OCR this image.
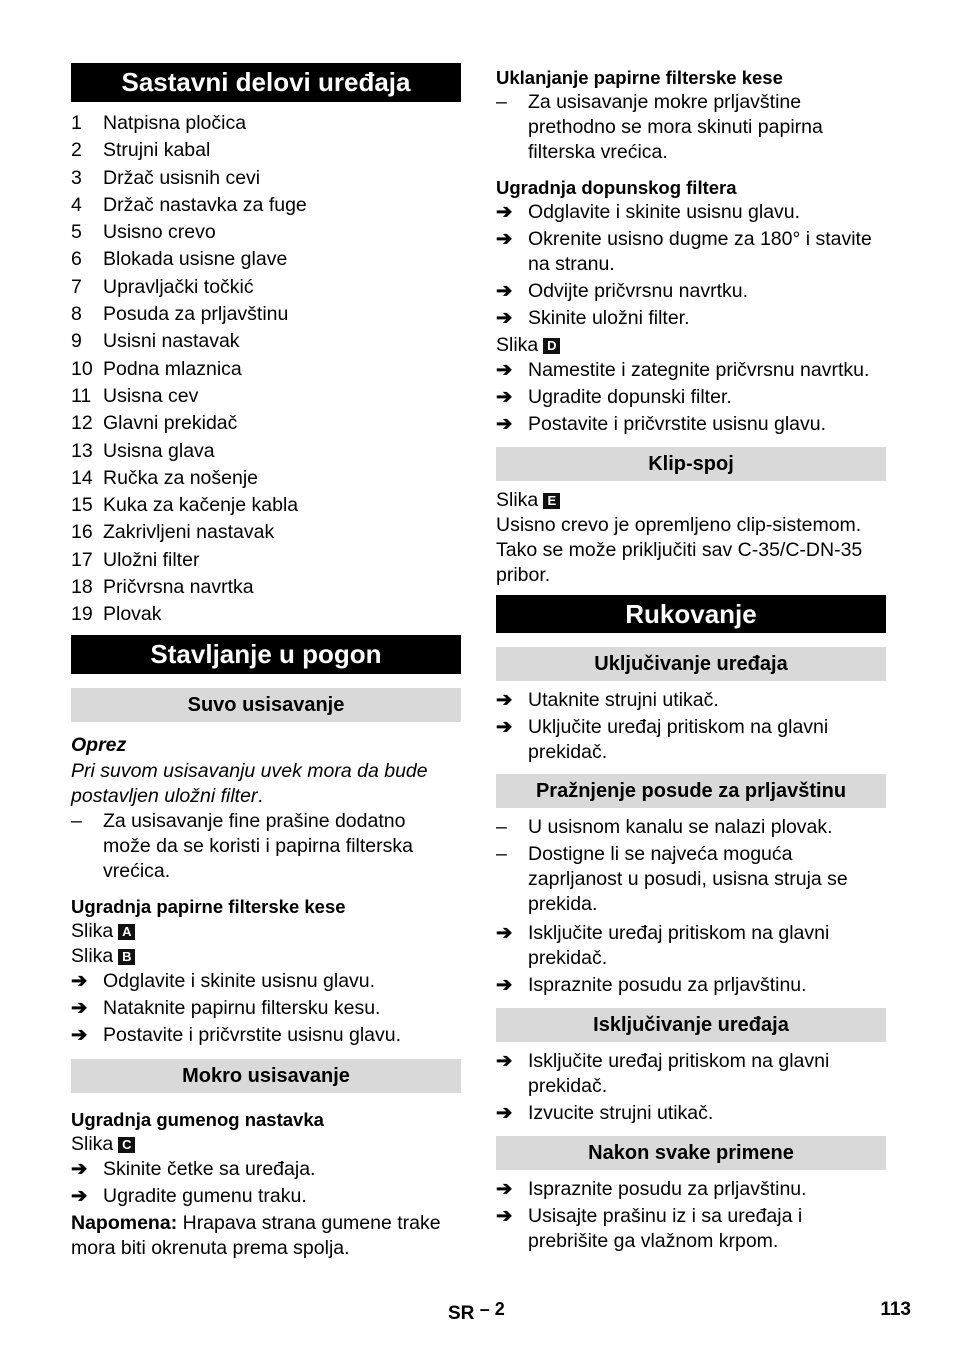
Sastavni delovi uređaja
1	Natpisna pločica
2	Strujni kabal
3	Držač usisnih cevi
4	Držač nastavka za fuge
5	Usisno crevo
6	Blokada usisne glave
7	Upravljački točkić
8	Posuda za prljavštinu
9	Usisni nastavak
10 Podna mlaznica
11 Usisna cev
12 Glavni prekidač
13 Usisna glava
14 Ručka za nošenje
15 Kuka za kačenje kabla
16 Zakrivljeni nastavak
17 Uložni filter
18 Pričvrsna navrtka
19 Plovak
Stavljanje u pogon
Suvo usisavanje
Oprez
Pri suvom usisavanju uvek mora da bude postavljen uložni filter.
–	Za usisavanje fine prašine dodatno
može da se koristi i papirna filterska
vrećica.
Ugradnja papirne filterske kese
Slika A
Slika B
➔ Odglavite i skinite usisnu glavu.
➔ Nataknite papirnu filtersku kesu.
➔ Postavite i pričvrstite usisnu glavu.
Mokro usisavanje
Ugradnja gumenog nastavka
Slika C
➔ Skinite četke sa uređaja.
➔ Ugradite gumenu traku.
Napomena: Hrapava strana gumene trake
mora biti okrenuta prema spolja.
Uklanjanje papirne filterske kese
–	Za usisavanje mokre prljavštine
prethodno se mora skinuti papirna
filterska vrećica.
Ugradnja dopunskog filtera
➔ Odglavite i skinite usisnu glavu.
➔ Okrenite usisno dugme za 180° i stavite
na stranu.
➔ Odvijte pričvrsnu navrtku.
➔ Skinite uložni filter.
Slika D
➔ Namestite i zategnite pričvrsnu navrtku.
➔ Ugradite dopunski filter.
➔ Postavite i pričvrstite usisnu glavu.
Klip-spoj
Slika E
Usisno crevo je opremljeno clip-sistemom.
Tako se može priključiti sav C-35/C-DN-35
pribor.
Rukovanje
Uključivanje uređaja
➔ Utaknite strujni utikač.
➔ Uključite uređaj pritiskom na glavni
prekidač.
Pražnjenje posude za prljavštinu
–	U usisnom kanalu se nalazi plovak.
–	Dostigne li se najveća moguća
zaprljanost u posudi, usisna struja se
prekida.
➔ Isključite uređaj pritiskom na glavni
prekidač.
➔ Ispraznite posudu za prljavštinu.
Isključivanje uređaja
➔ Isključite uređaj pritiskom na glavni
prekidač.
➔ Izvucite strujni utikač.
Nakon svake primene
➔ Ispraznite posudu za prljavštinu.
➔ Usisajte prašinu iz i sa uređaja i
prebrišite ga vlažnom krpom.
SR – 2	113
